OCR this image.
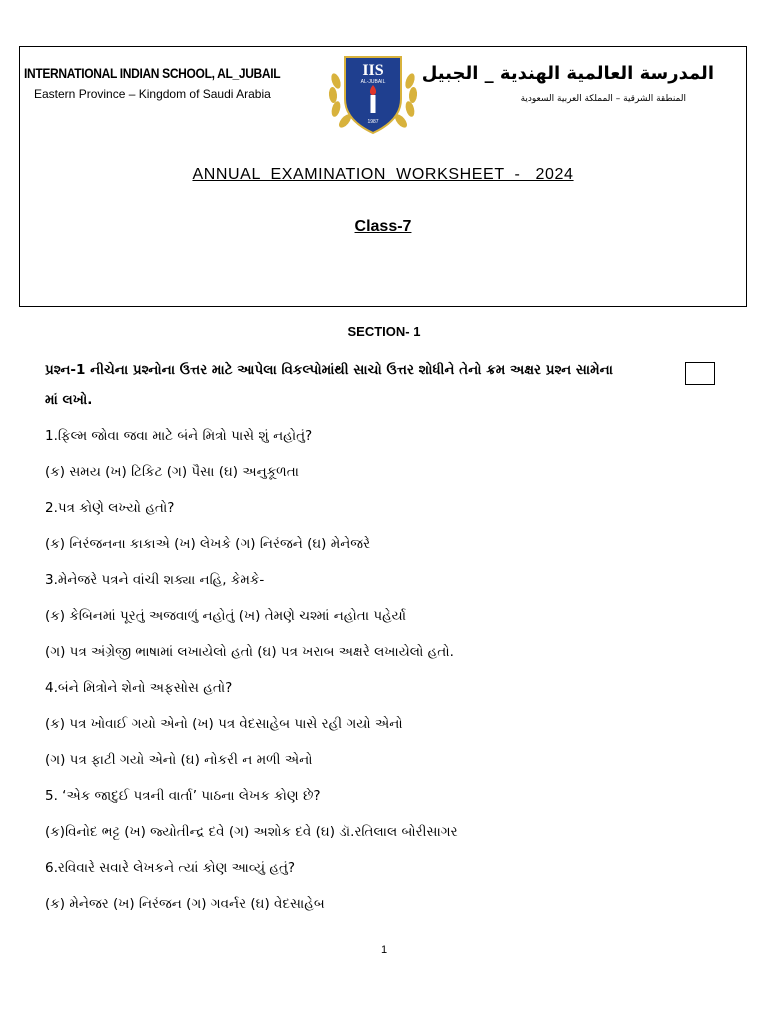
INTERNATIONAL INDIAN SCHOOL, AL_JUBAIL
Eastern Province – Kingdom of Saudi Arabia
IIS
AL-JUBAIL
1987
المدرسة العالمية الهندية _ الجبيل
المنطقة الشرقية – المملكة العربية السعودية
ANNUAL  EXAMINATION  WORKSHEET  -   2024
Class-7
SECTION- 1
પ્રશ્ન-1 નીચેના પ્રશ્નોના ઉત્તર માટે આપેલા વિકલ્પોમાંથી સાચો ઉત્તર શોધીને તેનો ક્રમ અક્ષર પ્રશ્ન સામેના
માં લખો.
1.ફિલ્મ જોવા જવા માટે બંને મિત્રો પાસે શું નહોતું?
(ક) સમય (ખ) ટિકિટ (ગ) પૈસા (ઘ) અનુકૂળતા
2.પત્ર કોણે લખ્યો હતો?
(ક) નિરંજનના કાકાએ (ખ) લેખકે (ગ) નિરંજને (ઘ) મેનેજરે
3.મેનેજરે પત્રને વાંચી શક્યા નહિ, કેમકે-
(ક) કેબિનમાં પૂરતું અજવાળું નહોતું (ખ) તેમણે ચશ્માં નહોતા પહેર્યા
(ગ) પત્ર અંગ્રેજી ભાષામાં લખાયેલો હતો (ઘ) પત્ર ખરાબ અક્ષરે લખાયેલો હતો.
4.બંને મિત્રોને શેનો અફસોસ હતો?
(ક) પત્ર ખોવાઈ ગયો એનો (ખ) પત્ર વેદસાહેબ પાસે રહી ગયો એનો
(ગ) પત્ર ફાટી ગયો એનો (ઘ) નોકરી ન મળી એનો
5. ‘એક જાદુઈ પત્રની વાર્તા’ પાઠના લેખક કોણ છે?
(ક)વિનોદ ભટ્ટ (ખ) જ્યોતીન્દ્ર દવે (ગ) અશોક દવે (ઘ) ડૉ.રતિલાલ બોરીસાગર
6.રવિવારે સવારે લેખકને ત્યાં કોણ આવ્યું હતું?
(ક) મેનેજર (ખ) નિરંજન (ગ) ગવર્નર (ઘ) વેદસાહેબ
1
